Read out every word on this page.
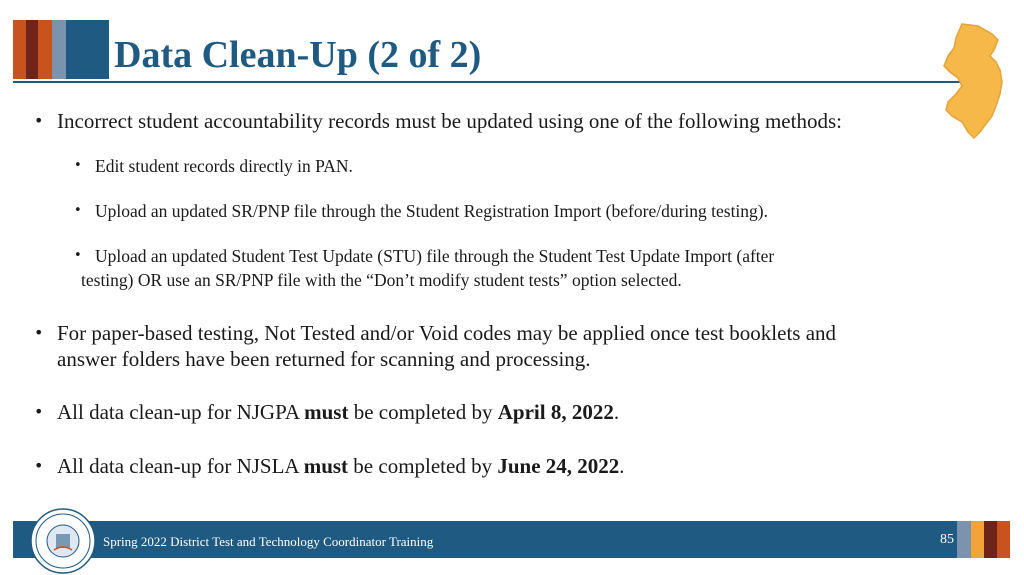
Data Clean-Up (2 of 2)

• Incorrect student accountability records must be updated using one of the following methods:

• Edit student records directly in PAN.

• Upload an updated SR/PNP file through the Student Registration Import (before/during testing).

• Upload an updated Student Test Update (STU) file through the Student Test Update Import (after
testing) OR use an SR/PNP file with the “Don’t modify student tests” option selected.

• For paper-based testing, Not Tested and/or Void codes may be applied once test booklets and
answer folders have been returned for scanning and processing.

• All data clean-up for NJGPA must be completed by April 8, 2022.

• All data clean-up for NJSLA must be completed by June 24, 2022.

Spring 2022 District Test and Technology Coordinator Training	85
